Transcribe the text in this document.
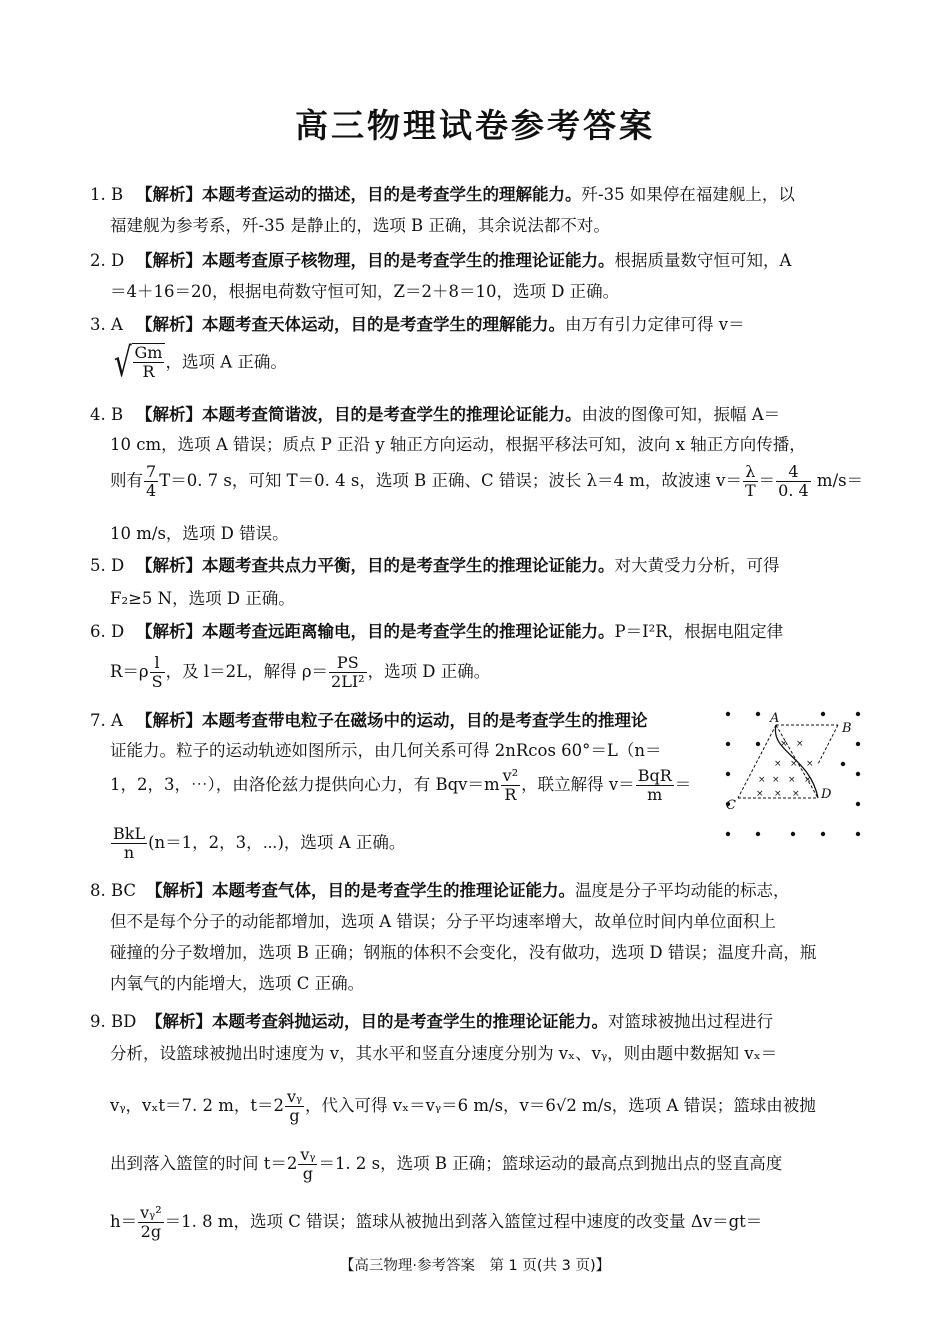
高三物理试卷参考答案
1. B 【解析】本题考查运动的描述，目的是考查学生的理解能力。歼-35 如果停在福建舰上，以
福建舰为参考系，歼-35 是静止的，选项 B 正确，其余说法都不对。
2. D 【解析】本题考查原子核物理，目的是考查学生的推理论证能力。根据质量数守恒可知，A
＝4＋16＝20，根据电荷数守恒可知，Z＝2＋8＝10，选项 D 正确。
3. A 【解析】本题考查天体运动，目的是考查学生的理解能力。由万有引力定律可得 v＝
√ $\frac{Gm}{R}$ ，选项 A 正确。
4. B 【解析】本题考查简谐波，目的是考查学生的推理论证能力。由波的图像可知，振幅 A＝
10 cm，选项 A 错误；质点 P 正沿 y 轴正方向运动，根据平移法可知，波向 x 轴正方向传播，
则有 $\frac{7}{4} T=0$. 7 s，可知 T＝0. 4 s，选项 B 正确、C 错误；波长 λ＝4 m，故波速 $v= \frac{\lambda}{T} = \frac{4}{0. 4} m/s=$
10 m/s，选项 D 错误。
5. D 【解析】本题考查共点力平衡，目的是考查学生的推理论证能力。对大黄受力分析，可得
F₂≥5 N，选项 D 正确。
6. D 【解析】本题考查远距离输电，目的是考查学生的推理论证能力。P＝I²R，根据电阻定律
$R=\rho \frac{l}{S}$ ，及 l＝2L，解得 $\rho= \frac{PS}{\text{2LI²}}$ ，选项 D 正确。
7. A 【解析】本题考查带电粒子在磁场中的运动，目的是考查学生的推理论
证能力。粒子的运动轨迹如图所示，由几何关系可得 2nRcos 60°＝L（n＝
1，2，3，⋯），由洛伦兹力提供向心力，有 $Bqv=m \frac{\text{v²}}{R}$ ，联立解得 v＝ BqR
m
＝
BkL
n
(n＝1，2，3，⋯)，选项 A 正确。
× ×
× × ×
× × × ×
× × ×
A
B
C
D
8. BC 【解析】本题考查气体，目的是考查学生的推理论证能力。温度是分子平均动能的标志，
但不是每个分子的动能都增加，选项 A 错误；分子平均速率增大，故单位时间内单位面积上
碰撞的分子数增加，选项 B 正确；钢瓶的体积不会变化，没有做功，选项 D 错误；温度升高，瓶
内氧气的内能增大，选项 C 正确。
9. BD 【解析】本题考查斜抛运动，目的是考查学生的推理论证能力。对篮球被抛出过程进行
分析，设篮球被抛出时速度为 v，其水平和竖直分速度分别为 vₓ、vᵧ，则由题中数据知 vₓ＝
vᵧ，vₓt＝7. 2 m，$t=2 \frac{\text{vᵧ}}{g}$ ，代入可得 vₓ＝vᵧ＝6 m/s，v＝6√2 m/s，选项 A 错误；篮球由被抛
出到落入篮筐的时间 $t=2 \frac{\text{vᵧ}}{g} =1$. 2 s，选项 B 正确；篮球运动的最高点到抛出点的竖直高度
$h= \frac{\text{vᵧ²}}{2g} =1$. 8 m，选项 C 错误；篮球从被抛出到落入篮筐过程中速度的改变量 Δv＝gt＝
【高三物理·参考答案　第 1 页(共 3 页)】
